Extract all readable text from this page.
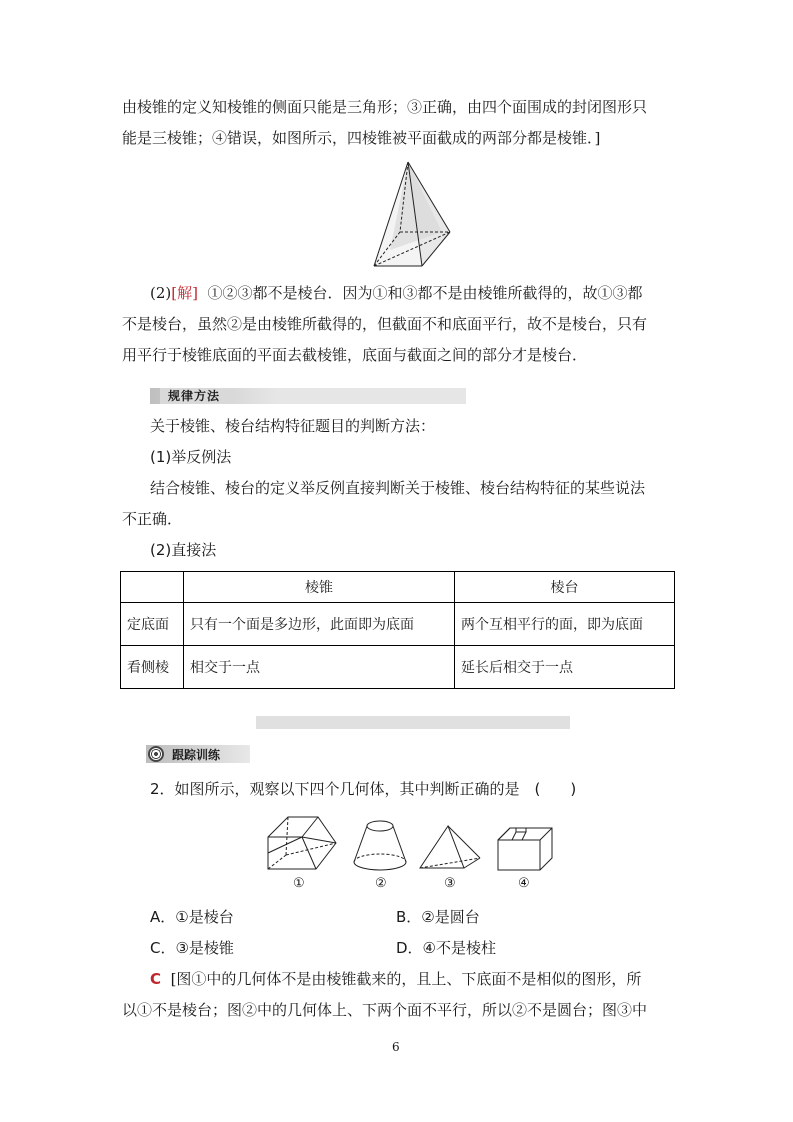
由棱锥的定义知棱锥的侧面只能是三角形；③正确，由四个面围成的封闭图形只
能是三棱锥；④错误，如图所示，四棱锥被平面截成的两部分都是棱锥．]
(2)[解] ①②③都不是棱台．因为①和③都不是由棱锥所截得的，故①③都
不是棱台，虽然②是由棱锥所截得的，但截面不和底面平行，故不是棱台，只有
用平行于棱锥底面的平面去截棱锥，底面与截面之间的部分才是棱台．
规律方法
关于棱锥、棱台结构特征题目的判断方法：
(1)举反例法
结合棱锥、棱台的定义举反例直接判断关于棱锥、棱台结构特征的某些说法
不正确．
(2)直接法
	棱锥	棱台
定底面	只有一个面是多边形，此面即为底面	两个互相平行的面，即为底面
看侧棱	相交于一点	延长后相交于一点
跟踪训练
2．如图所示，观察以下四个几何体，其中判断正确的是　(　　)
①	②	③	④
A．①是棱台	B．②是圆台
C．③是棱锥	D．④不是棱柱
C [图①中的几何体不是由棱锥截来的，且上、下底面不是相似的图形，所
以①不是棱台；图②中的几何体上、下两个面不平行，所以②不是圆台；图③中
6
